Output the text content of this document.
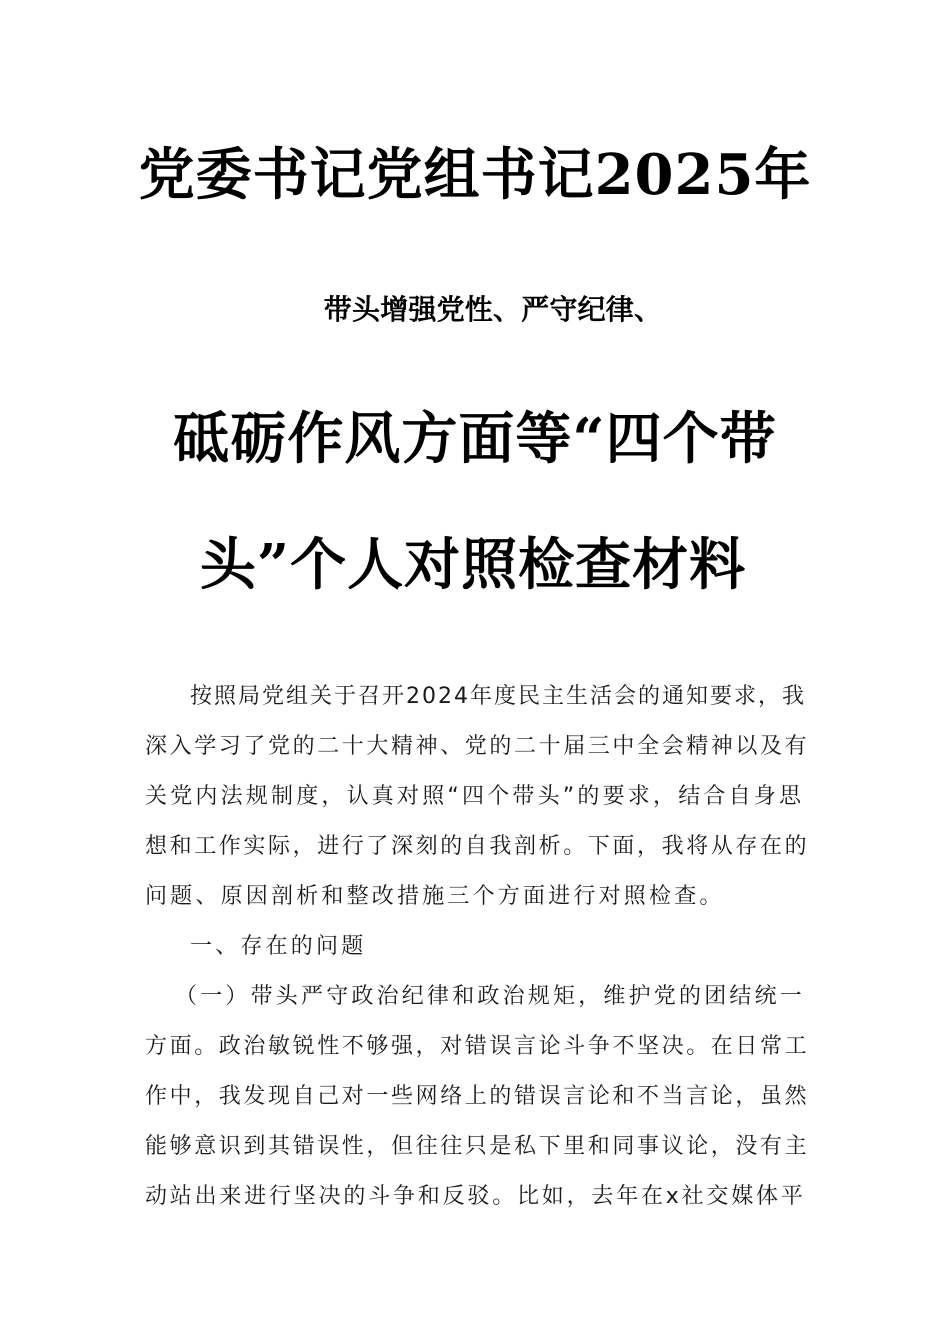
党委书记党组书记2025年
带头增强党性、严守纪律、
砥砺作风方面等“四个带
头”个人对照检查材料
按照局党组关于召开2024年度民主生活会的通知要求，我
深入学习了党的二十大精神、党的二十届三中全会精神以及有
关党内法规制度，认真对照“四个带头”的要求，结合自身思
想和工作实际，进行了深刻的自我剖析。下面，我将从存在的
问题、原因剖析和整改措施三个方面进行对照检查。
一、存在的问题
（一）带头严守政治纪律和政治规矩，维护党的团结统一
方面。政治敏锐性不够强，对错误言论斗争不坚决。在日常工
作中，我发现自己对一些网络上的错误言论和不当言论，虽然
能够意识到其错误性，但往往只是私下里和同事议论，没有主
动站出来进行坚决的斗争和反驳。比如，去年在x社交媒体平
